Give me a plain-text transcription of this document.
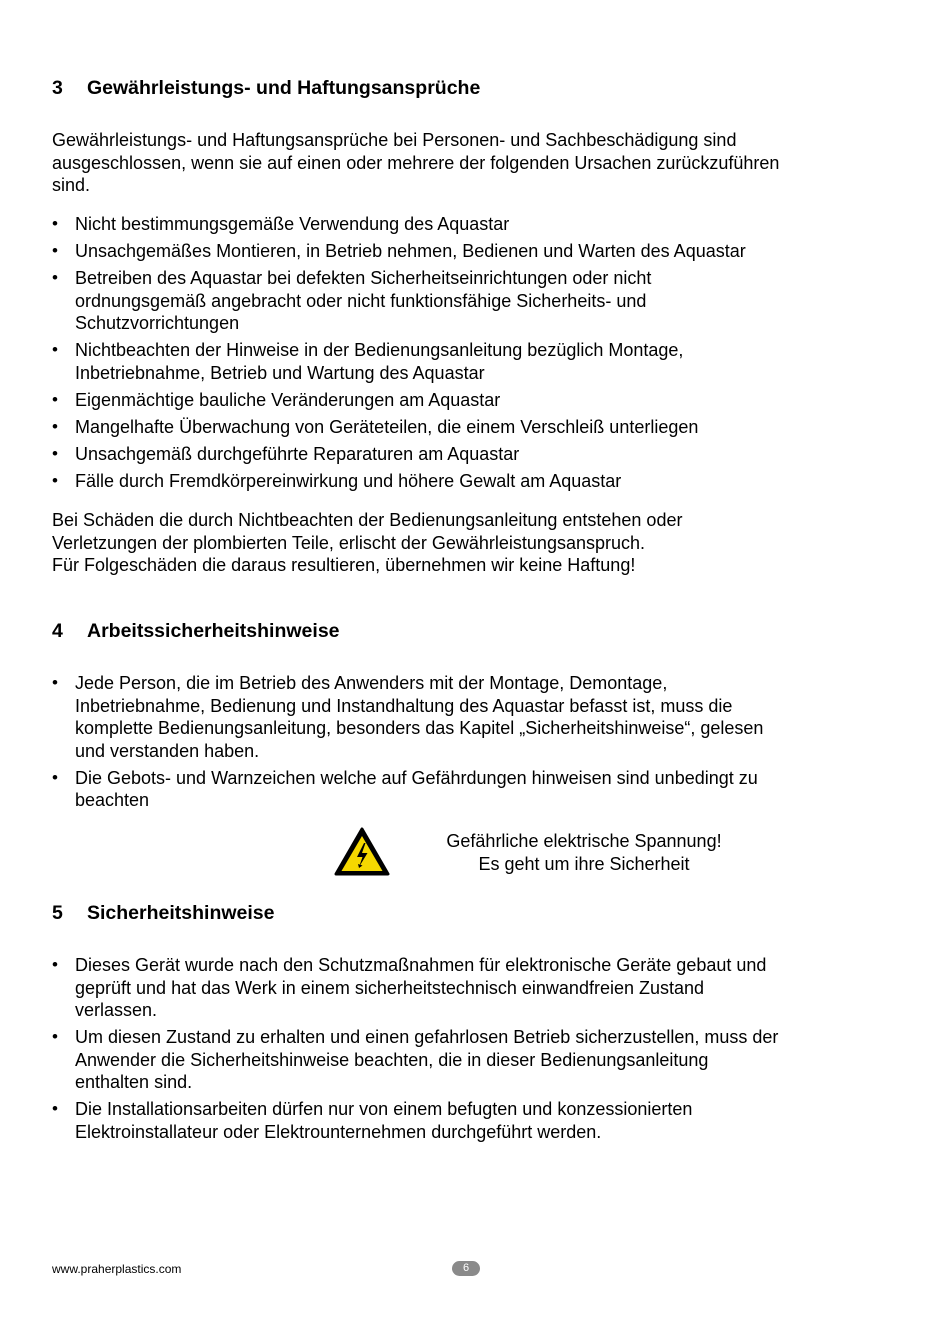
3 Gewährleistungs- und Haftungsansprüche
Gewährleistungs- und Haftungsansprüche bei Personen- und Sachbeschädigung sind
ausgeschlossen, wenn sie auf einen oder mehrere der folgenden Ursachen zurückzuführen
sind.
• Nicht bestimmungsgemäße Verwendung des Aquastar
• Unsachgemäßes Montieren, in Betrieb nehmen, Bedienen und Warten des Aquastar
• Betreiben des Aquastar bei defekten Sicherheitseinrichtungen oder nicht
ordnungsgemäß angebracht oder nicht funktionsfähige Sicherheits- und
Schutzvorrichtungen
• Nichtbeachten der Hinweise in der Bedienungsanleitung bezüglich Montage,
Inbetriebnahme, Betrieb und Wartung des Aquastar
• Eigenmächtige bauliche Veränderungen am Aquastar
• Mangelhafte Überwachung von Geräteteilen, die einem Verschleiß unterliegen
• Unsachgemäß durchgeführte Reparaturen am Aquastar
• Fälle durch Fremdkörpereinwirkung und höhere Gewalt am Aquastar
Bei Schäden die durch Nichtbeachten der Bedienungsanleitung entstehen oder
Verletzungen der plombierten Teile, erlischt der Gewährleistungsanspruch.
Für Folgeschäden die daraus resultieren, übernehmen wir keine Haftung!
4 Arbeitssicherheitshinweise
• Jede Person, die im Betrieb des Anwenders mit der Montage, Demontage,
Inbetriebnahme, Bedienung und Instandhaltung des Aquastar befasst ist, muss die
komplette Bedienungsanleitung, besonders das Kapitel „Sicherheitshinweise“, gelesen
und verstanden haben.
• Die Gebots- und Warnzeichen welche auf Gefährdungen hinweisen sind unbedingt zu
beachten
Gefährliche elektrische Spannung!
Es geht um ihre Sicherheit
5 Sicherheitshinweise
• Dieses Gerät wurde nach den Schutzmaßnahmen für elektronische Geräte gebaut und
geprüft und hat das Werk in einem sicherheitstechnisch einwandfreien Zustand
verlassen.
• Um diesen Zustand zu erhalten und einen gefahrlosen Betrieb sicherzustellen, muss der
Anwender die Sicherheitshinweise beachten, die in dieser Bedienungsanleitung
enthalten sind.
• Die Installationsarbeiten dürfen nur von einem befugten und konzessionierten
Elektroinstallateur oder Elektrounternehmen durchgeführt werden.
www.praherplastics.com	6
